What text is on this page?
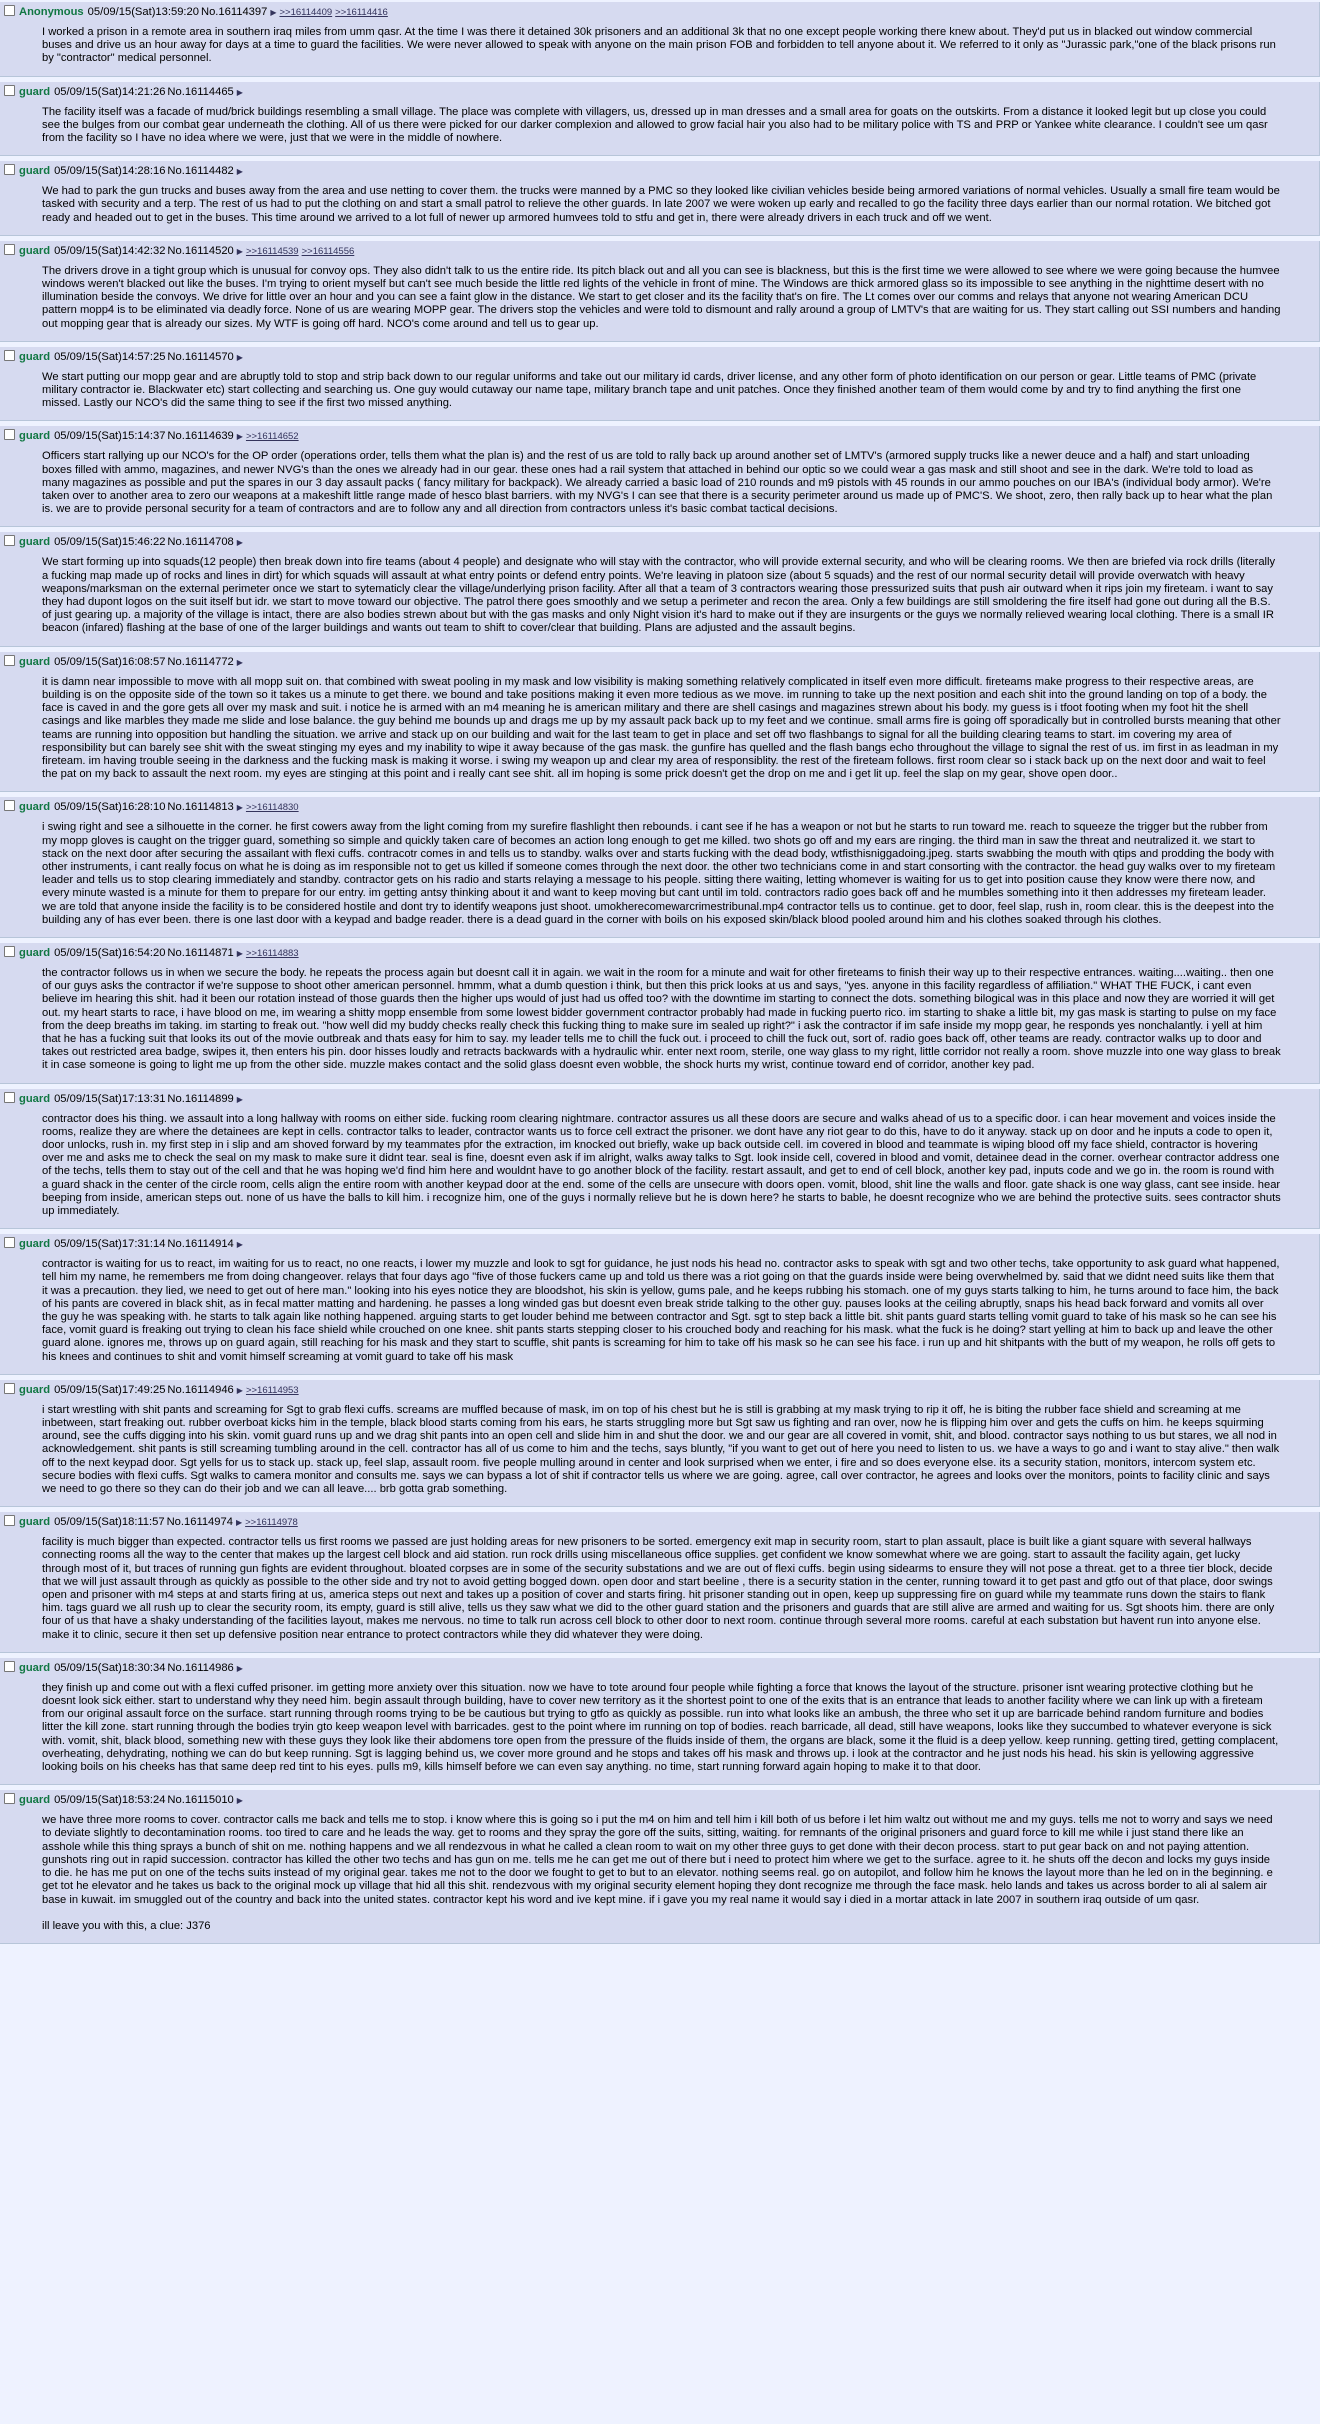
Anonymous 05/09/15(Sat)13:59:20 No.16114397 ▶ >>16114409 >>16114416

I worked a prison in a remote area in southern iraq miles from umm qasr. At the time I was there it detained 30k prisoners and an additional 3k that no one except people working there knew about. They'd put us in blacked out window commercial buses and drive us an hour away for days at a time to guard the facilities. We were never allowed to speak with anyone on the main prison FOB and forbidden to tell anyone about it. We referred to it only as "Jurassic park,"one of the black prisons run by "contractor" medical personnel.

guard 05/09/15(Sat)14:21:26 No.16114465 ▶

The facility itself was a facade of mud/brick buildings resembling a small village. The place was complete with villagers, us, dressed up in man dresses and a small area for goats on the outskirts. From a distance it looked legit but up close you could see the bulges from our combat gear underneath the clothing. All of us there were picked for our darker complexion and allowed to grow facial hair you also had to be military police with TS and PRP or Yankee white clearance. I couldn't see um qasr from the facility so I have no idea where we were, just that we were in the middle of nowhere.

guard 05/09/15(Sat)14:28:16 No.16114482 ▶

We had to park the gun trucks and buses away from the area and use netting to cover them. the trucks were manned by a PMC so they looked like civilian vehicles beside being armored variations of normal vehicles. Usually a small fire team would be tasked with security and a terp. The rest of us had to put the clothing on and start a small patrol to relieve the other guards. In late 2007 we were woken up early and recalled to go the facility three days earlier than our normal rotation. We bitched got ready and headed out to get in the buses. This time around we arrived to a lot full of newer up armored humvees told to stfu and get in, there were already drivers in each truck and off we went.

guard 05/09/15(Sat)14:42:32 No.16114520 ▶ >>16114539 >>16114556

The drivers drove in a tight group which is unusual for convoy ops. They also didn't talk to us the entire ride. Its pitch black out and all you can see is blackness, but this is the first time we were allowed to see where we were going because the humvee windows weren't blacked out like the buses. I'm trying to orient myself but can't see much beside the little red lights of the vehicle in front of mine. The Windows are thick armored glass so its impossible to see anything in the nighttime desert with no illumination beside the convoys. We drive for little over an hour and you can see a faint glow in the distance. We start to get closer and its the facility that's on fire. The Lt comes over our comms and relays that anyone not wearing American DCU pattern mopp4 is to be eliminated via deadly force. None of us are wearing MOPP gear. The drivers stop the vehicles and were told to dismount and rally around a group of LMTV's that are waiting for us. They start calling out SSI numbers and handing out mopping gear that is already our sizes. My WTF is going off hard. NCO's come around and tell us to gear up.

guard 05/09/15(Sat)14:57:25 No.16114570 ▶

We start putting our mopp gear and are abruptly told to stop and strip back down to our regular uniforms and take out our military id cards, driver license, and any other form of photo identification on our person or gear. Little teams of PMC (private military contractor ie. Blackwater etc) start collecting and searching us. One guy would cutaway our name tape, military branch tape and unit patches. Once they finished another team of them would come by and try to find anything the first one missed. Lastly our NCO's did the same thing to see if the first two missed anything.

guard 05/09/15(Sat)15:14:37 No.16114639 ▶ >>16114652

Officers start rallying up our NCO's for the OP order (operations order, tells them what the plan is) and the rest of us are told to rally back up around another set of LMTV's (armored supply trucks like a newer deuce and a half) and start unloading boxes filled with ammo, magazines, and newer NVG's than the ones we already had in our gear. these ones had a rail system that attached in behind our optic so we could wear a gas mask and still shoot and see in the dark. We're told to load as many magazines as possible and put the spares in our 3 day assault packs ( fancy military for backpack). We already carried a basic load of 210 rounds and m9 pistols with 45 rounds in our ammo pouches on our IBA's (individual body armor). We're taken over to another area to zero our weapons at a makeshift little range made of hesco blast barriers. with my NVG's I can see that there is a security perimeter around us made up of PMC'S. We shoot, zero, then rally back up to hear what the plan is. we are to provide personal security for a team of contractors and are to follow any and all direction from contractors unless it's basic combat tactical decisions.

guard 05/09/15(Sat)15:46:22 No.16114708 ▶

We start forming up into squads(12 people) then break down into fire teams (about 4 people) and designate who will stay with the contractor, who will provide external security, and who will be clearing rooms. We then are briefed via rock drills (literally a fucking map made up of rocks and lines in dirt) for which squads will assault at what entry points or defend entry points. We're leaving in platoon size (about 5 squads) and the rest of our normal security detail will provide overwatch with heavy weapons/marksman on the external perimeter once we start to sytematicly clear the village/underlying prison facility. After all that a team of 3 contractors wearing those pressurized suits that push air outward when it rips join my fireteam. i want to say they had dupont logos on the suit itself but idr. we start to move toward our objective. The patrol there goes smoothly and we setup a perimeter and recon the area. Only a few buildings are still smoldering the fire itself had gone out during all the B.S. of just gearing up. a majority of the village is intact, there are also bodies strewn about but with the gas masks and only Night vision it's hard to make out if they are insurgents or the guys we normally relieved wearing local clothing. There is a small IR beacon (infared) flashing at the base of one of the larger buildings and wants out team to shift to cover/clear that building. Plans are adjusted and the assault begins.

guard 05/09/15(Sat)16:08:57 No.16114772 ▶

it is damn near impossible to move with all mopp suit on. that combined with sweat pooling in my mask and low visibility is making something relatively complicated in itself even more difficult. fireteams make progress to their respective areas, are building is on the opposite side of the town so it takes us a minute to get there. we bound and take positions making it even more tedious as we move. im running to take up the next position and each shit into the ground landing on top of a body. the face is caved in and the gore gets all over my mask and suit. i notice he is armed with an m4 meaning he is american military and there are shell casings and magazines strewn about his body. my guess is i tfoot footing when my foot hit the shell casings and like marbles they made me slide and lose balance. the guy behind me bounds up and drags me up by my assault pack back up to my feet and we continue. small arms fire is going off sporadically but in controlled bursts meaning that other teams are running into opposition but handling the situation. we arrive and stack up on our building and wait for the last team to get in place and set off two flashbangs to signal for all the building clearing teams to start. im covering my area of responsibility but can barely see shit with the sweat stinging my eyes and my inability to wipe it away because of the gas mask. the gunfire has quelled and the flash bangs echo throughout the village to signal the rest of us. im first in as leadman in my fireteam. im having trouble seeing in the darkness and the fucking mask is making it worse. i swing my weapon up and clear my area of responsiblity. the rest of the fireteam follows. first room clear so i stack back up on the next door and wait to feel the pat on my back to assault the next room. my eyes are stinging at this point and i really cant see shit. all im hoping is some prick doesn't get the drop on me and i get lit up. feel the slap on my gear, shove open door..

guard 05/09/15(Sat)16:28:10 No.16114813 ▶ >>16114830

i swing right and see a silhouette in the corner. he first cowers away from the light coming from my surefire flashlight then rebounds. i cant see if he has a weapon or not but he starts to run toward me. reach to squeeze the trigger but the rubber from my mopp gloves is caught on the trigger guard, something so simple and quickly taken care of becomes an action long enough to get me killed. two shots go off and my ears are ringing. the third man in saw the threat and neutralized it. we start to stack on the next door after securing the assailant with flexi cuffs. contracotr comes in and tells us to standby. walks over and starts fucking with the dead body, wtfisthisniggadoing.jpeg. starts swabbing the mouth with qtips and prodding the body with other instruments, i cant really focus on what he is doing as im responsible not to get us killed if someone comes through the next door. the other two technicians come in and start consorting with the contractor. the head guy walks over to my fireteam leader and tells us to stop clearing immediately and standby. contractor gets on his radio and starts relaying a message to his people. sitting there waiting, letting whomever is waiting for us to get into position cause they know were there now, and every minute wasted is a minute for them to prepare for our entry. im getting antsy thinking about it and want to keep moving but cant until im told. contractors radio goes back off and he mumbles something into it then addresses my fireteam leader. we are told that anyone inside the facility is to be considered hostile and dont try to identify weapons just shoot. umokherecomewarcrimestribunal.mp4 contractor tells us to continue. get to door, feel slap, rush in, room clear. this is the deepest into the building any of has ever been. there is one last door with a keypad and badge reader. there is a dead guard in the corner with boils on his exposed skin/black blood pooled around him and his clothes soaked through his clothes.

guard 05/09/15(Sat)16:54:20 No.16114871 ▶ >>16114883

the contractor follows us in when we secure the body. he repeats the process again but doesnt call it in again. we wait in the room for a minute and wait for other fireteams to finish their way up to their respective entrances. waiting....waiting.. then one of our guys asks the contractor if we're suppose to shoot other american personnel. hmmm, what a dumb question i think, but then this prick looks at us and says, "yes. anyone in this facility regardless of affiliation." WHAT THE FUCK, i cant even believe im hearing this shit. had it been our rotation instead of those guards then the higher ups would of just had us offed too? with the downtime im starting to connect the dots. something bilogical was in this place and now they are worried it will get out. my heart starts to race, i have blood on me, im wearing a shitty mopp ensemble from some lowest bidder government contractor probably had made in fucking puerto rico. im starting to shake a little bit, my gas mask is starting to pulse on my face from the deep breaths im taking. im starting to freak out. "how well did my buddy checks really check this fucking thing to make sure im sealed up right?" i ask the contractor if im safe inside my mopp gear, he responds yes nonchalantly. i yell at him that he has a fucking suit that looks its out of the movie outbreak and thats easy for him to say. my leader tells me to chill the fuck out. i proceed to chill the fuck out, sort of. radio goes back off, other teams are ready. contractor walks up to door and takes out restricted area badge, swipes it, then enters his pin. door hisses loudly and retracts backwards with a hydraulic whir. enter next room, sterile, one way glass to my right, little corridor not really a room. shove muzzle into one way glass to break it in case someone is going to light me up from the other side. muzzle makes contact and the solid glass doesnt even wobble, the shock hurts my wrist, continue toward end of corridor, another key pad.

guard 05/09/15(Sat)17:13:31 No.16114899 ▶

contractor does his thing. we assault into a long hallway with rooms on either side. fucking room clearing nightmare. contractor assures us all these doors are secure and walks ahead of us to a specific door. i can hear movement and voices inside the rooms, realize they are where the detainees are kept in cells. contractor talks to leader, contractor wants us to force cell extract the prisoner. we dont have any riot gear to do this, have to do it anyway. stack up on door and he inputs a code to open it, door unlocks, rush in. my first step in i slip and am shoved forward by my teammates pfor the extraction, im knocked out briefly, wake up back outside cell. im covered in blood and teammate is wiping blood off my face shield, contractor is hovering over me and asks me to check the seal on my mask to make sure it didnt tear. seal is fine, doesnt even ask if im alright, walks away talks to Sgt. look inside cell, covered in blood and vomit, detainee dead in the corner. overhear contractor address one of the techs, tells them to stay out of the cell and that he was hoping we'd find him here and wouldnt have to go another block of the facility. restart assault, and get to end of cell block, another key pad, inputs code and we go in. the room is round with a guard shack in the center of the circle room, cells align the entire room with another keypad door at the end. some of the cells are unsecure with doors open. vomit, blood, shit line the walls and floor. gate shack is one way glass, cant see inside. hear beeping from inside, american steps out. none of us have the balls to kill him. i recognize him, one of the guys i normally relieve but he is down here? he starts to bable, he doesnt recognize who we are behind the protective suits. sees contractor shuts up immediately.

guard 05/09/15(Sat)17:31:14 No.16114914 ▶

contractor is waiting for us to react, im waiting for us to react, no one reacts, i lower my muzzle and look to sgt for guidance, he just nods his head no. contractor asks to speak with sgt and two other techs, take opportunity to ask guard what happened, tell him my name, he remembers me from doing changeover. relays that four days ago "five of those fuckers came up and told us there was a riot going on that the guards inside were being overwhelmed by. said that we didnt need suits like them that it was a precaution. they lied, we need to get out of here man." looking into his eyes notice they are bloodshot, his skin is yellow, gums pale, and he keeps rubbing his stomach. one of my guys starts talking to him, he turns around to face him, the back of his pants are covered in black shit, as in fecal matter matting and hardening. he passes a long winded gas but doesnt even break stride talking to the other guy. pauses looks at the ceiling abruptly, snaps his head back forward and vomits all over the guy he was speaking with. he starts to talk again like nothing happened. arguing starts to get louder behind me between contractor and Sgt. sgt to step back a little bit. shit pants guard starts telling vomit guard to take of his mask so he can see his face, vomit guard is freaking out trying to clean his face shield while crouched on one knee. shit pants starts stepping closer to his crouched body and reaching for his mask. what the fuck is he doing? start yelling at him to back up and leave the other guard alone. ignores me, throws up on guard again, still reaching for his mask and they start to scuffle, shit pants is screaming for him to take off his mask so he can see his face. i run up and hit shitpants with the butt of my weapon, he rolls off gets to his knees and continues to shit and vomit himself screaming at vomit guard to take off his mask

guard 05/09/15(Sat)17:49:25 No.16114946 ▶ >>16114953

i start wrestling with shit pants and screaming for Sgt to grab flexi cuffs. screams are muffled because of mask, im on top of his chest but he is still is grabbing at my mask trying to rip it off, he is biting the rubber face shield and screaming at me inbetween, start freaking out. rubber overboat kicks him in the temple, black blood starts coming from his ears, he starts struggling more but Sgt saw us fighting and ran over, now he is flipping him over and gets the cuffs on him. he keeps squirming around, see the cuffs digging into his skin. vomit guard runs up and we drag shit pants into an open cell and slide him in and shut the door. we and our gear are all covered in vomit, shit, and blood. contractor says nothing to us but stares, we all nod in acknowledgement. shit pants is still screaming tumbling around in the cell. contractor has all of us come to him and the techs, says bluntly, "if you want to get out of here you need to listen to us. we have a ways to go and i want to stay alive." then walk off to the next keypad door. Sgt yells for us to stack up. stack up, feel slap, assault room. five people mulling around in center and look surprised when we enter, i fire and so does everyone else. its a security station, monitors, intercom system etc. secure bodies with flexi cuffs. Sgt walks to camera monitor and consults me. says we can bypass a lot of shit if contractor tells us where we are going. agree, call over contractor, he agrees and looks over the monitors, points to facility clinic and says we need to go there so they can do their job and we can all leave.... brb gotta grab something.

guard 05/09/15(Sat)18:11:57 No.16114974 ▶ >>16114978

facility is much bigger than expected. contractor tells us first rooms we passed are just holding areas for new prisoners to be sorted. emergency exit map in security room, start to plan assault, place is built like a giant square with several hallways connecting rooms all the way to the center that makes up the largest cell block and aid station. run rock drills using miscellaneous office supplies. get confident we know somewhat where we are going. start to assault the facility again, get lucky through most of it, but traces of running gun fights are evident throughout. bloated corpses are in some of the security substations and we are out of flexi cuffs. begin using sidearms to ensure they will not pose a threat. get to a three tier block, decide that we will just assault through as quickly as possible to the other side and try not to avoid getting bogged down. open door and start beeline , there is a security station in the center, running toward it to get past and gtfo out of that place, door swings open and prisoner with m4 steps at and starts firing at us, america steps out next and takes up a position of cover and starts firing. hit prisoner standing out in open, keep up suppressing fire on guard while my teammate runs down the stairs to flank him. tags guard we all rush up to clear the security room, its empty, guard is still alive, tells us they saw what we did to the other guard station and the prisoners and guards that are still alive are armed and waiting for us. Sgt shoots him. there are only four of us that have a shaky understanding of the facilities layout, makes me nervous. no time to talk run across cell block to other door to next room. continue through several more rooms. careful at each substation but havent run into anyone else. make it to clinic, secure it then set up defensive position near entrance to protect contractors while they did whatever they were doing.

guard 05/09/15(Sat)18:30:34 No.16114986 ▶

they finish up and come out with a flexi cuffed prisoner. im getting more anxiety over this situation. now we have to tote around four people while fighting a force that knows the layout of the structure. prisoner isnt wearing protective clothing but he doesnt look sick either. start to understand why they need him. begin assault through building, have to cover new territory as it the shortest point to one of the exits that is an entrance that leads to another facility where we can link up with a fireteam from our original assault force on the surface. start running through rooms trying to be be cautious but trying to gtfo as quickly as possible. run into what looks like an ambush, the three who set it up are barricade behind random furniture and bodies litter the kill zone. start running through the bodies tryin gto keep weapon level with barricades. gest to the point where im running on top of bodies. reach barricade, all dead, still have weapons, looks like they succumbed to whatever everyone is sick with. vomit, shit, black blood, something new with these guys they look like their abdomens tore open from the pressure of the fluids inside of them, the organs are black, some it the fluid is a deep yellow. keep running. getting tired, getting complacent, overheating, dehydrating, nothing we can do but keep running. Sgt is lagging behind us, we cover more ground and he stops and takes off his mask and throws up. i look at the contractor and he just nods his head. his skin is yellowing aggressive looking boils on his cheeks has that same deep red tint to his eyes. pulls m9, kills himself before we can even say anything. no time, start running forward again hoping to make it to that door.

guard 05/09/15(Sat)18:53:24 No.16115010 ▶

we have three more rooms to cover. contractor calls me back and tells me to stop. i know where this is going so i put the m4 on him and tell him i kill both of us before i let him waltz out without me and my guys. tells me not to worry and says we need to deviate slightly to decontamination rooms. too tired to care and he leads the way. get to rooms and they spray the gore off the suits, sitting, waiting. for remnants of the original prisoners and guard force to kill me while i just stand there like an asshole while this thing sprays a bunch of shit on me. nothing happens and we all rendezvous in what he called a clean room to wait on my other three guys to get done with their decon process. start to put gear back on and not paying attention. gunshots ring out in rapid succession. contractor has killed the other two techs and has gun on me. tells me he can get me out of there but i need to protect him where we get to the surface. agree to it. he shuts off the decon and locks my guys inside to die. he has me put on one of the techs suits instead of my original gear. takes me not to the door we fought to get to but to an elevator. nothing seems real. go on autopilot, and follow him he knows the layout more than he led on in the beginning. e get tot he elevator and he takes us back to the original mock up village that hid all this shit. rendezvous with my original security element hoping they dont recognize me through the face mask. helo lands and takes us across border to ali al salem air base in kuwait. im smuggled out of the country and back into the united states. contractor kept his word and ive kept mine. if i gave you my real name it would say i died in a mortar attack in late 2007 in southern iraq outside of um qasr.

ill leave you with this, a clue: J376
